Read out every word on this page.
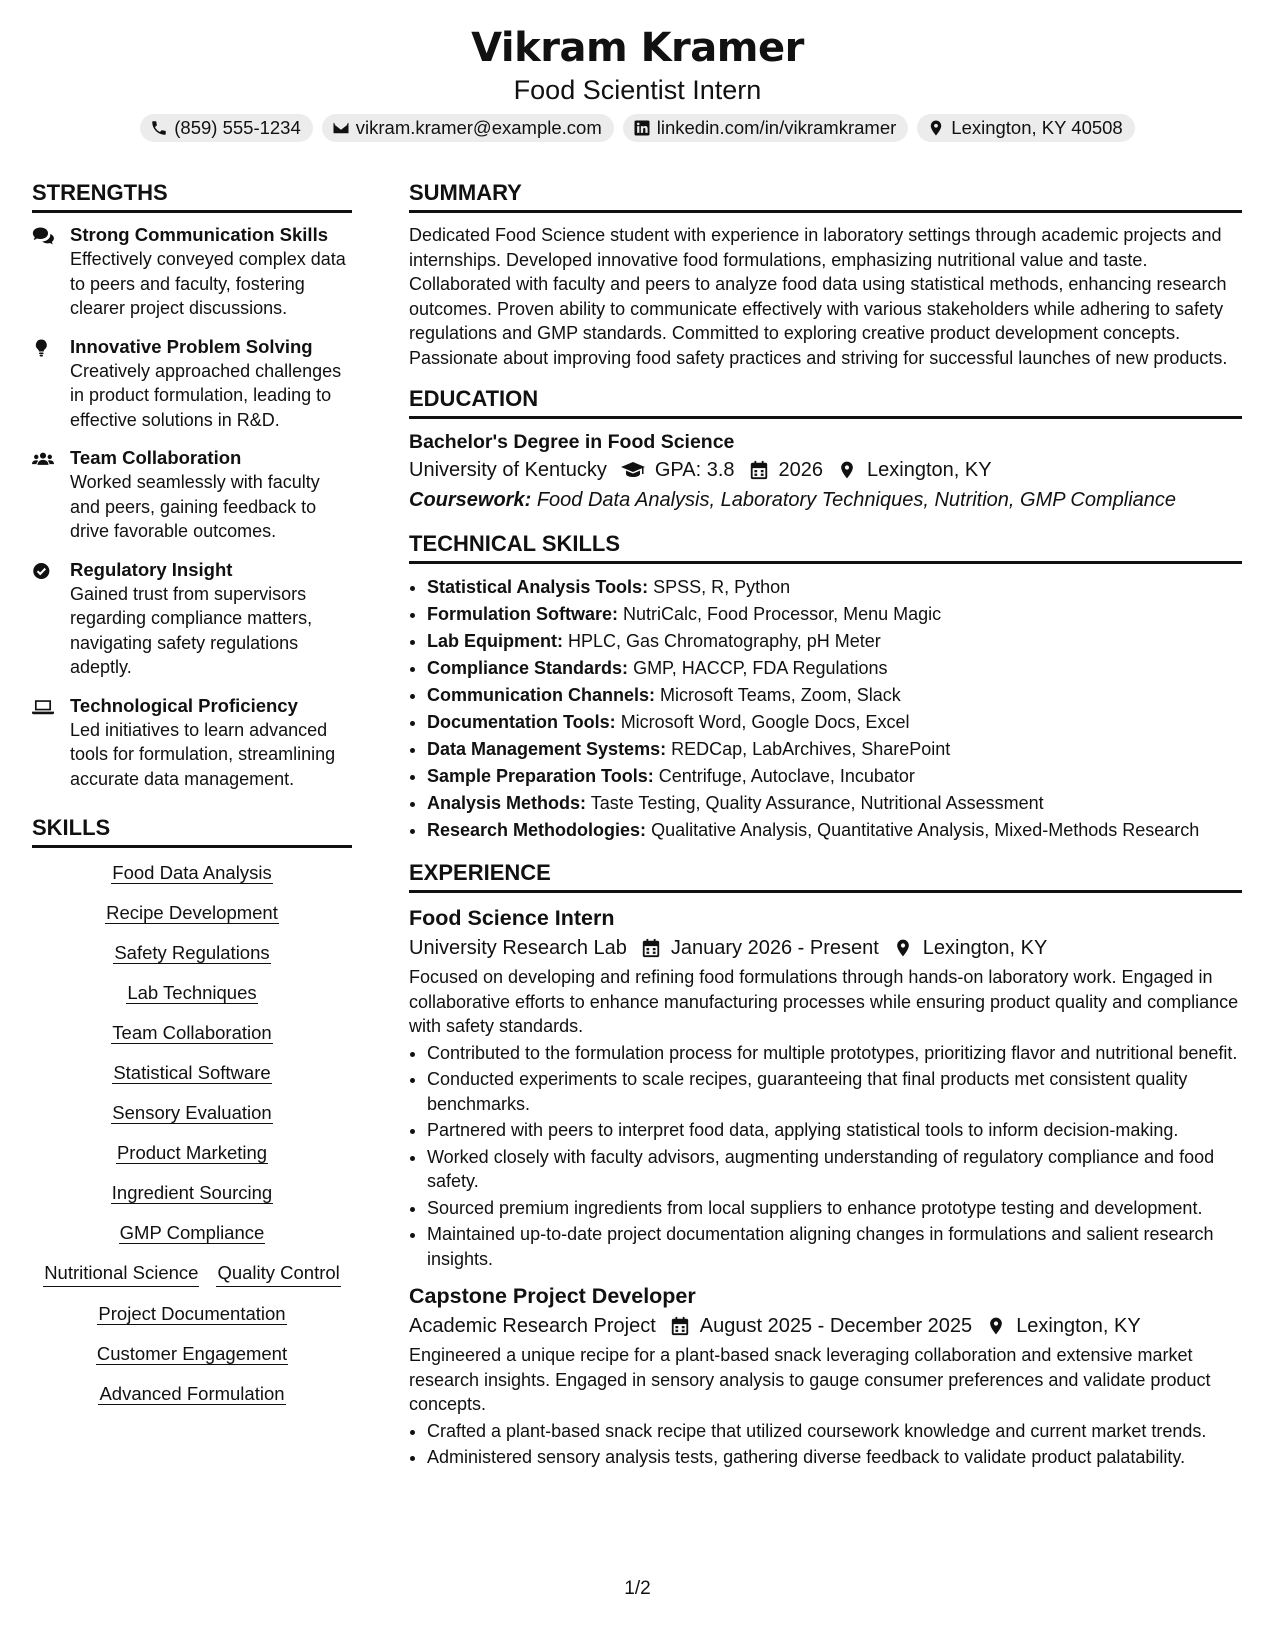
Vikram Kramer
Food Scientist Intern
(859) 555-1234	vikram.kramer@example.com	linkedin.com/in/vikramkramer	Lexington, KY 40508
STRENGTHS
Strong Communication Skills
Effectively conveyed complex data to peers and faculty, fostering clearer project discussions.
Innovative Problem Solving
Creatively approached challenges in product formulation, leading to effective solutions in R&D.
Team Collaboration
Worked seamlessly with faculty and peers, gaining feedback to drive favorable outcomes.
Regulatory Insight
Gained trust from supervisors regarding compliance matters, navigating safety regulations adeptly.
Technological Proficiency
Led initiatives to learn advanced tools for formulation, streamlining accurate data management.
SKILLS
Food Data Analysis
Recipe Development
Safety Regulations
Lab Techniques
Team Collaboration
Statistical Software
Sensory Evaluation
Product Marketing
Ingredient Sourcing
GMP Compliance
Nutritional Science Quality Control
Project Documentation
Customer Engagement
Advanced Formulation
SUMMARY

Dedicated Food Science student with experience in laboratory settings through academic projects and internships. Developed innovative food formulations, emphasizing nutritional value and taste. Collaborated with faculty and peers to analyze food data using statistical methods, enhancing research outcomes. Proven ability to communicate effectively with various stakeholders while adhering to safety regulations and GMP standards. Committed to exploring creative product development concepts. Passionate about improving food safety practices and striving for successful launches of new products.

EDUCATION
Bachelor's Degree in Food Science
University of Kentucky GPA: 3.8 2026 Lexington, KY
Coursework: Food Data Analysis, Laboratory Techniques, Nutrition, GMP Compliance
TECHNICAL SKILLS
• Statistical Analysis Tools: SPSS, R, Python
• Formulation Software: NutriCalc, Food Processor, Menu Magic
• Lab Equipment: HPLC, Gas Chromatography, pH Meter
• Compliance Standards: GMP, HACCP, FDA Regulations
• Communication Channels: Microsoft Teams, Zoom, Slack
• Documentation Tools: Microsoft Word, Google Docs, Excel
• Data Management Systems: REDCap, LabArchives, SharePoint
• Sample Preparation Tools: Centrifuge, Autoclave, Incubator
• Analysis Methods: Taste Testing, Quality Assurance, Nutritional Assessment
• Research Methodologies: Qualitative Analysis, Quantitative Analysis, Mixed-Methods Research
EXPERIENCE
Food Science Intern
University Research Lab January 2026 - Present Lexington, KY

Focused on developing and refining food formulations through hands-on laboratory work. Engaged in collaborative efforts to enhance manufacturing processes while ensuring product quality and compliance with safety standards.

• Contributed to the formulation process for multiple prototypes, prioritizing flavor and nutritional benefit.
• Conducted experiments to scale recipes, guaranteeing that final products met consistent quality benchmarks.
• Partnered with peers to interpret food data, applying statistical tools to inform decision-making.
• Worked closely with faculty advisors, augmenting understanding of regulatory compliance and food safety.
• Sourced premium ingredients from local suppliers to enhance prototype testing and development.
• Maintained up-to-date project documentation aligning changes in formulations and salient research insights.
Capstone Project Developer
Academic Research Project August 2025 - December 2025 Lexington, KY

Engineered a unique recipe for a plant-based snack leveraging collaboration and extensive market research insights. Engaged in sensory analysis to gauge consumer preferences and validate product concepts.

• Crafted a plant-based snack recipe that utilized coursework knowledge and current market trends.
• Administered sensory analysis tests, gathering diverse feedback to validate product palatability.
1/2
